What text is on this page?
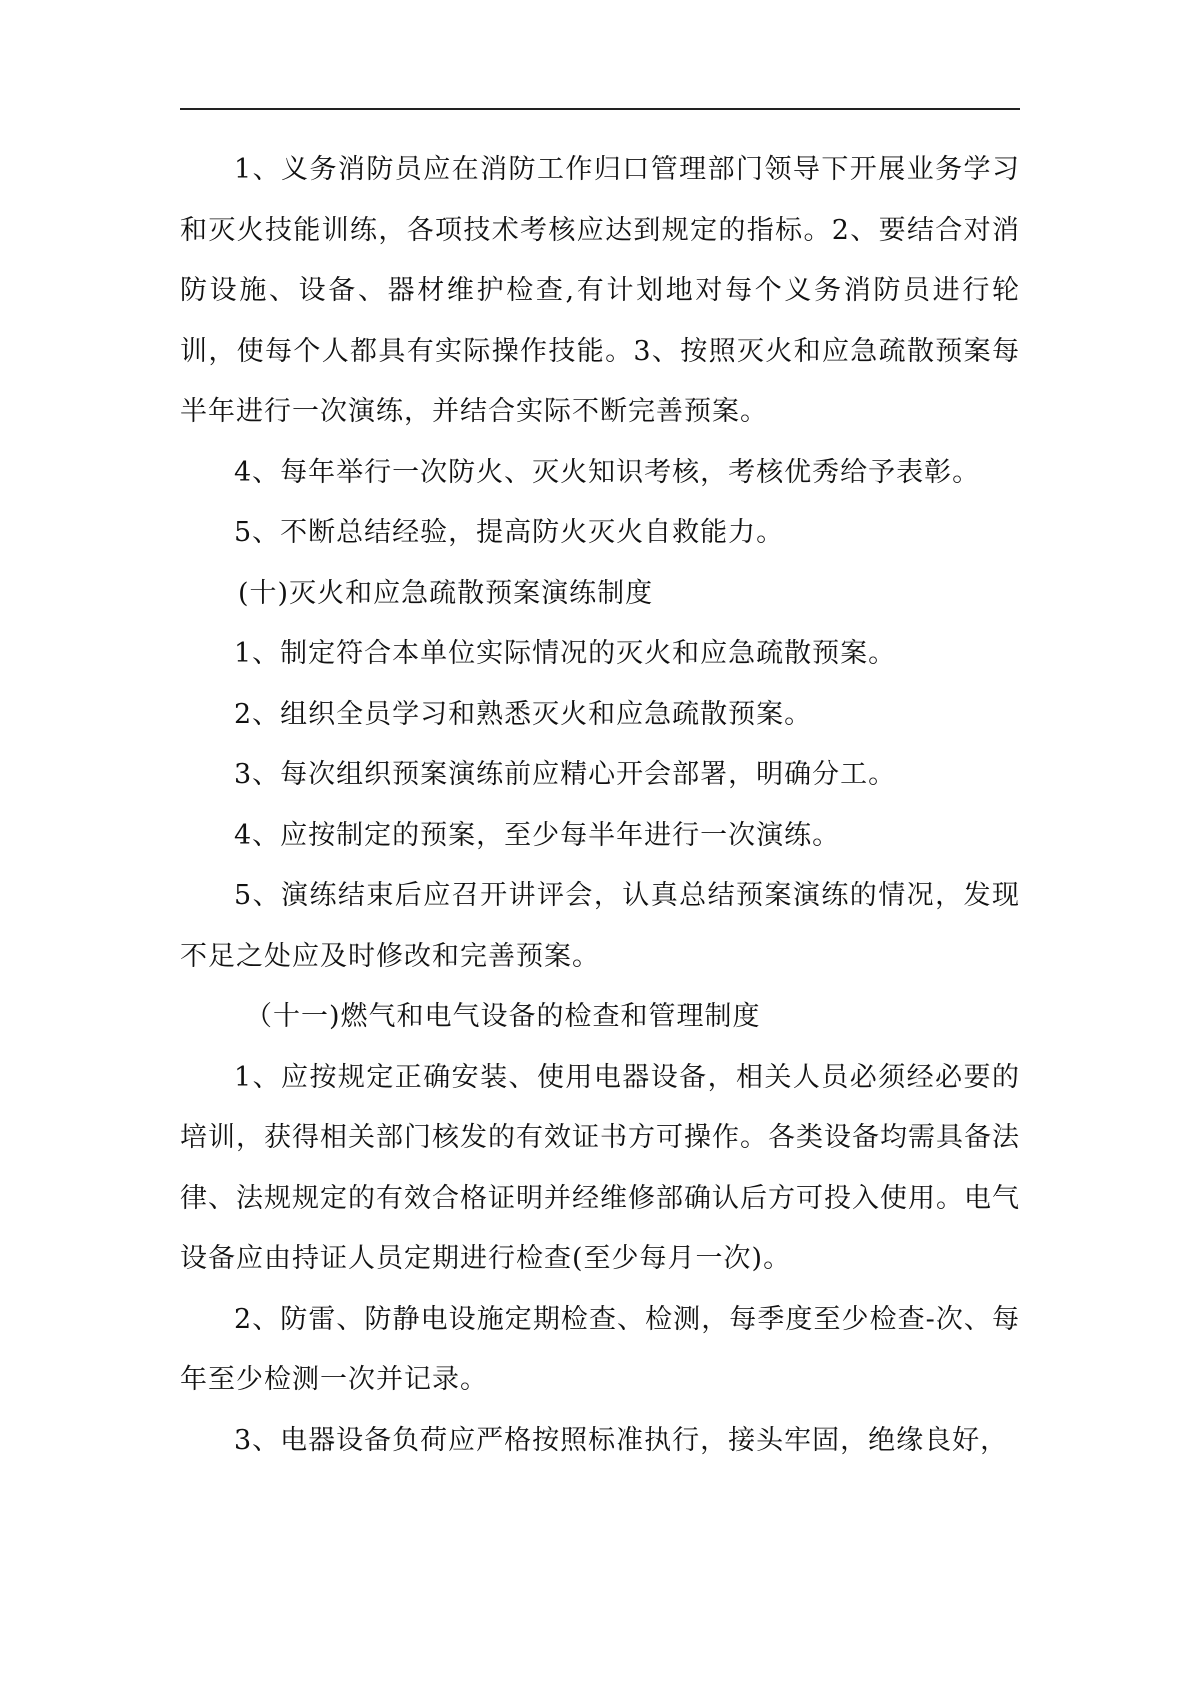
1、义务消防员应在消防工作归口管理部门领导下开展业务学习和灭火技能训练，各项技术考核应达到规定的指标。2、要结合对消防设施、设备、器材维护检查,有计划地对每个义务消防员进行轮训，使每个人都具有实际操作技能。3、按照灭火和应急疏散预案每半年进行一次演练，并结合实际不断完善预案。

4、每年举行一次防火、灭火知识考核，考核优秀给予表彰。

5、不断总结经验，提高防火灭火自救能力。

(十)灭火和应急疏散预案演练制度

1、制定符合本单位实际情况的灭火和应急疏散预案。

2、组织全员学习和熟悉灭火和应急疏散预案。

3、每次组织预案演练前应精心开会部署，明确分工。

4、应按制定的预案，至少每半年进行一次演练。

5、演练结束后应召开讲评会，认真总结预案演练的情况，发现不足之处应及时修改和完善预案。

（十一)燃气和电气设备的检查和管理制度

1、应按规定正确安装、使用电器设备，相关人员必须经必要的培训，获得相关部门核发的有效证书方可操作。各类设备均需具备法律、法规规定的有效合格证明并经维修部确认后方可投入使用。电气设备应由持证人员定期进行检查(至少每月一次)。

2、防雷、防静电设施定期检查、检测，每季度至少检查-次、每年至少检测一次并记录。

3、电器设备负荷应严格按照标准执行，接头牢固，绝缘良好，
